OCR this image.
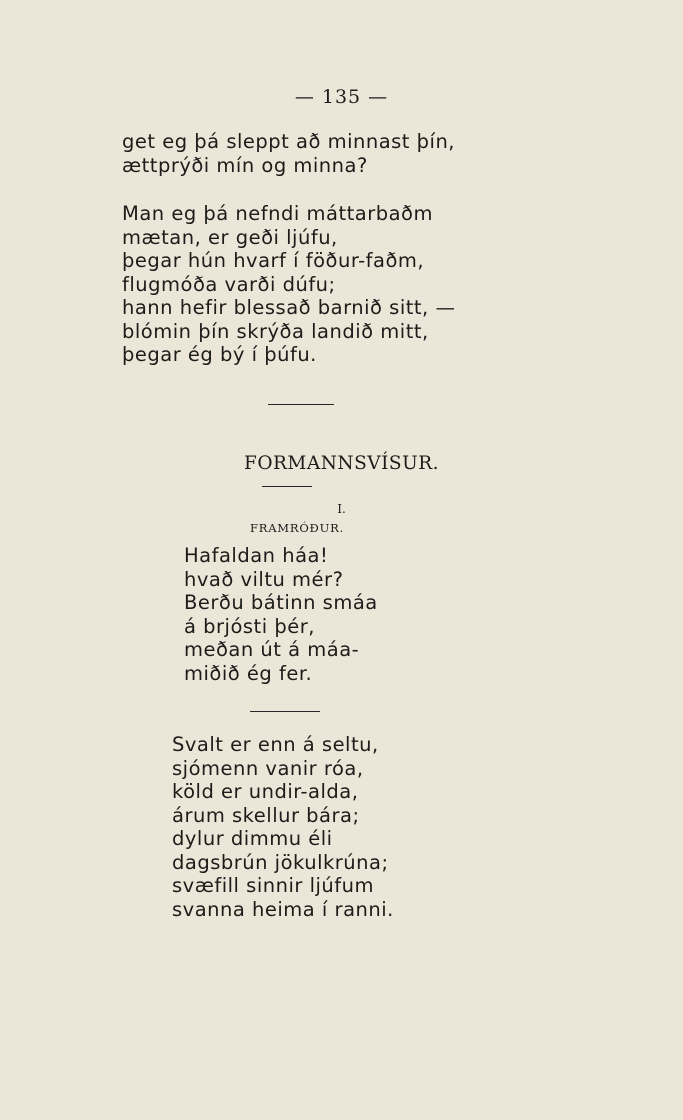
— 135 —
get eg þá sleppt að minnast þín,
ættprýði mín og minna?
Man eg þá nefndi máttarbaðm
mætan, er geði ljúfu,
þegar hún hvarf í föður-faðm,
flugmóða varði dúfu;
hann hefir blessað barnið sitt, —
blómin þín skrýða landið mitt,
þegar ég bý í þúfu.
FORMANNSVÍSUR.
I.
FRAMRÓÐUR.
Hafaldan háa!
hvað viltu mér?
Berðu bátinn smáa
á brjósti þér,
meðan út á máa-
miðið ég fer.
Svalt er enn á seltu,
sjómenn vanir róa,
köld er undir-alda,
árum skellur bára;
dylur dimmu éli
dagsbrún jökulkrúna;
svæfill sinnir ljúfum
svanna heima í ranni.
